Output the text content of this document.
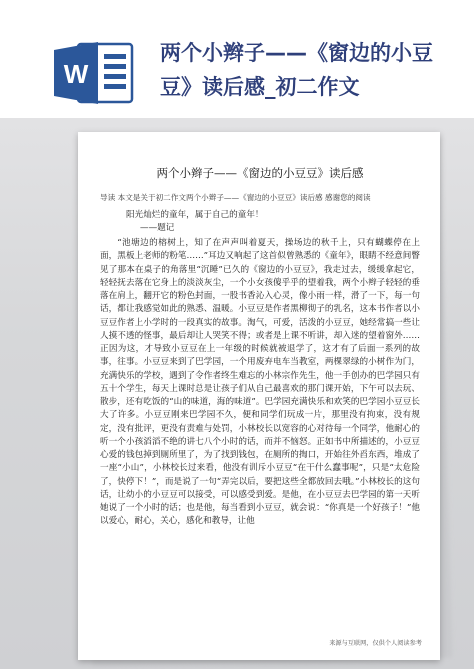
W
两个小辫子——《窗边的小豆豆》读后感_初二作文
两个小辫子——《窗边的小豆豆》读后感
导读 本文是关于初二作文两个小辫子——《窗边的小豆豆》读后感 感谢您的阅读
阳光灿烂的童年，属于自己的童年！
——题记

“池塘边的榕树上，知了在声声叫着夏天，操场边的秋千上，只有蝴蝶停在上面，黑板上老师的粉笔……”耳边又响起了这首似曾熟悉的《童年》，眼睛不经意间瞥见了那本在桌子的角落里“沉睡”已久的《窗边的小豆豆》，我走过去，缓缓拿起它，轻轻抚去落在它身上的淡淡灰尘，一个小女孩傻乎乎的望着我，两个小辫子轻轻的垂落在肩上，翻开它的粉色封面，一股书香沁入心灵，像小雨一样，滑了一下，每一句话，都让我感觉如此的熟悉、温暖。小豆豆是作者黑柳彻子的乳名，这本书作者以小豆豆作者上小学时的一段真实的故事。淘气，可爱，活泼的小豆豆，她经常搞一些让人摸不透的怪事，最后却让人哭笑不得；或者是上课不听讲，却入迷的望着窗外……正因为这，才导致小豆豆在上一年级的时候就被退学了，这才有了后面一系列的故事，往事。小豆豆来到了巴学园，一个用废弃电车当教室，两棵翠绿的小树作为门，充满快乐的学校，遇到了令作者终生难忘的小林宗作先生，他一手创办的巴学园只有五十个学生，每天上课时总是让孩子们从自己最喜欢的那门课开始，下午可以去玩、散步，还有吃饭的“山的味道，海的味道”。巴学园充满快乐和欢笑的巴学园小豆豆长大了许多。小豆豆刚来巴学园不久，便和同学们玩成一片，那里没有拘束，没有规定，没有批评，更没有责难与处罚，小林校长以宽容的心对待每一个同学，他耐心的听一个小孩滔滔不绝的讲七八个小时的话，而并不恼怒。正如书中所描述的，小豆豆心爱的钱包掉到厕所里了，为了找到钱包，在厕所的掏口，开始往外舀东西，堆成了一座“小山”，小林校长过来看，他没有训斥小豆豆“在干什么蠢事呢”，只是“太危险了，快停下！”，而是说了一句“弄完以后，要把这些全都放回去哦。”小林校长的这句话，让幼小的小豆豆可以接受，可以感受到爱。是他，在小豆豆去巴学园的第一天听她说了一个小时的话；也是他，每当看到小豆豆，就会说：“你真是一个好孩子！”他以爱心，耐心，关心，感化和教导，让他

来源与互联网，仅供个人阅读参考
